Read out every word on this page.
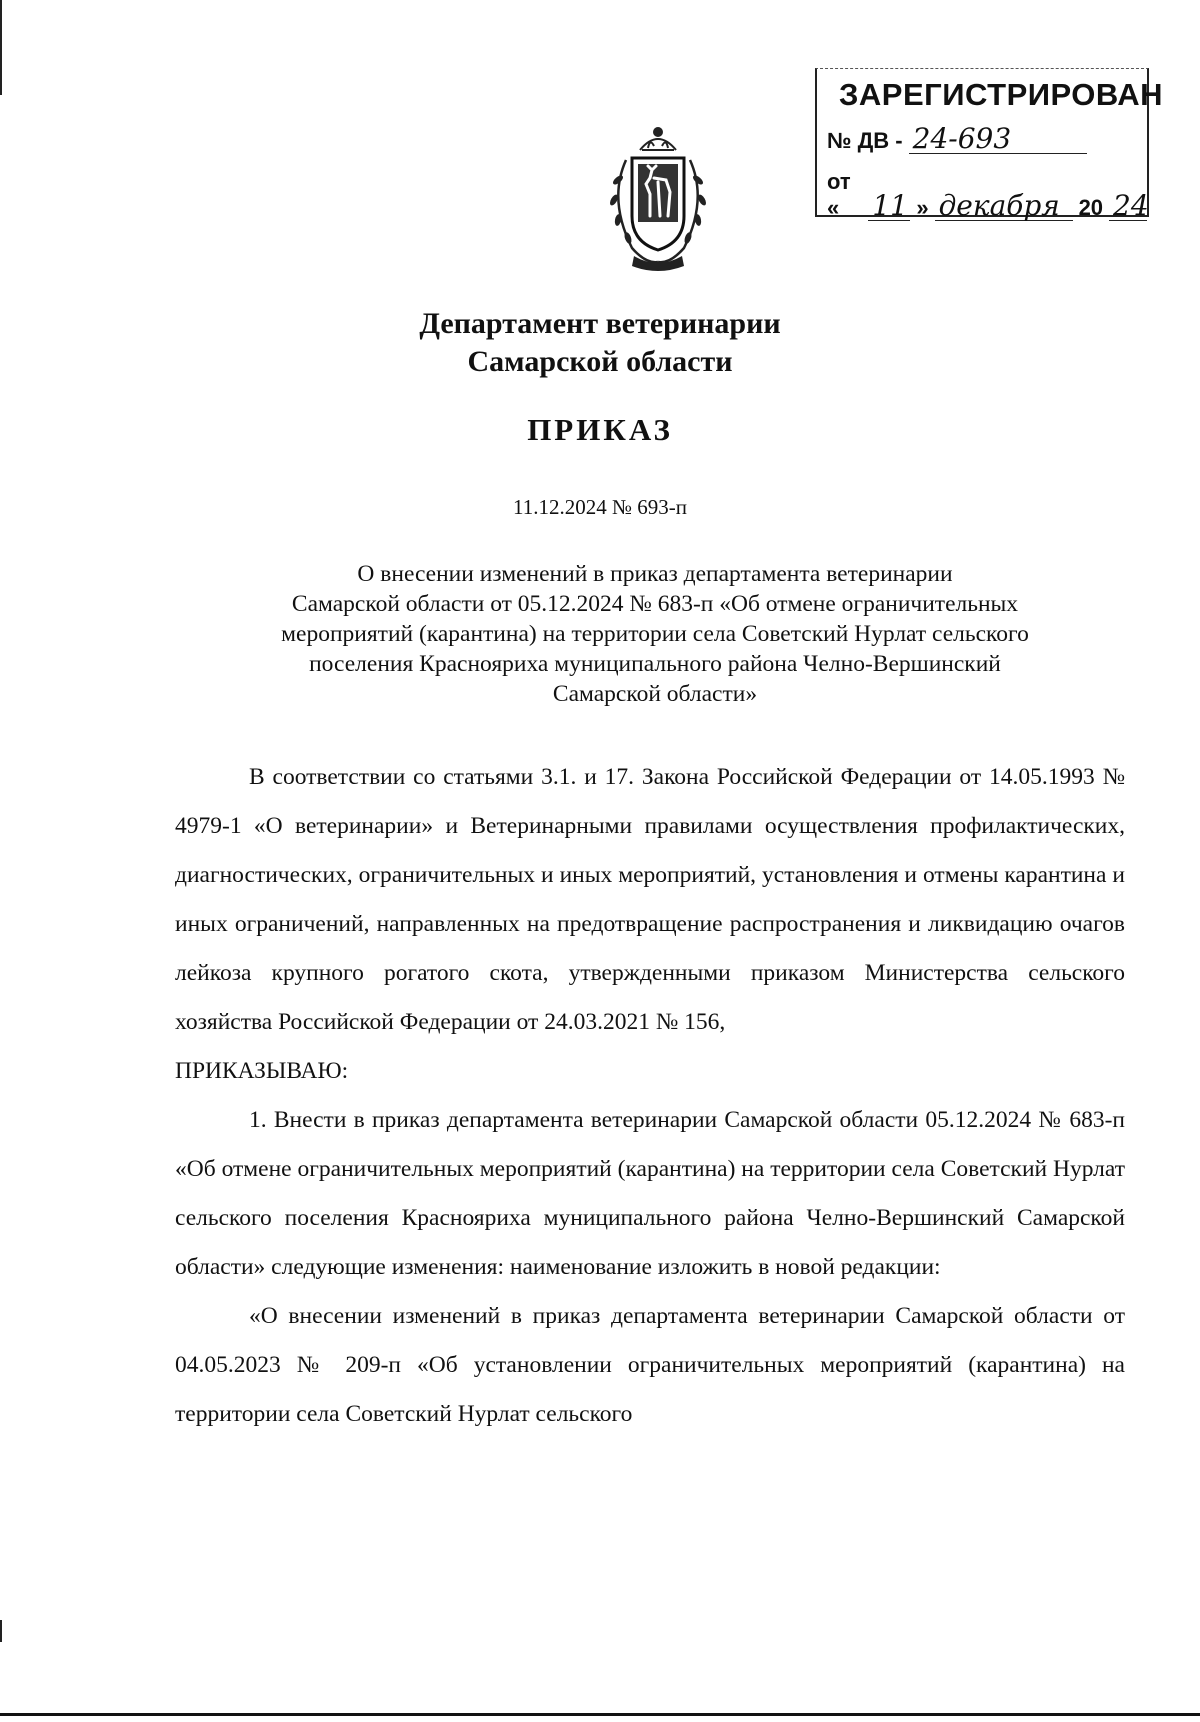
ЗАРЕГИСТРИРОВАН
№ ДВ - 24-693
от «	11 » декабря 20 24
Департамент ветеринарии
Самарской области
ПРИКАЗ
11.12.2024 № 693-п
О внесении изменений в приказ департамента ветеринарии
Самарской области от 05.12.2024 № 683-п «Об отмене ограничительных
мероприятий (карантина) на территории села Советский Нурлат сельского
поселения Краснояриха муниципального района Челно-Вершинский
Самарской области»

В соответствии со статьями 3.1. и 17. Закона Российской Федерации от 14.05.1993 № 4979-1 «О ветеринарии» и Ветеринарными правилами осуществления профилактических, диагностических, ограничительных и иных мероприятий, установления и отмены карантина и иных ограничений, направленных на предотвращение распространения и ликвидацию очагов лейкоза крупного рогатого скота, утвержденными приказом Министерства сельского хозяйства Российской Федерации от 24.03.2021 № 156,

ПРИКАЗЫВАЮ:

1. Внести в приказ департамента ветеринарии Самарской области 05.12.2024 № 683-п «Об отмене ограничительных мероприятий (карантина) на территории села Советский Нурлат сельского поселения Краснояриха муниципального района Челно-Вершинский Самарской области» следующие изменения: наименование изложить в новой редакции:

«О внесении изменений в приказ департамента ветеринарии Самарской области от 04.05.2023 № 209-п «Об установлении ограничительных мероприятий (карантина) на территории села Советский Нурлат сельского
